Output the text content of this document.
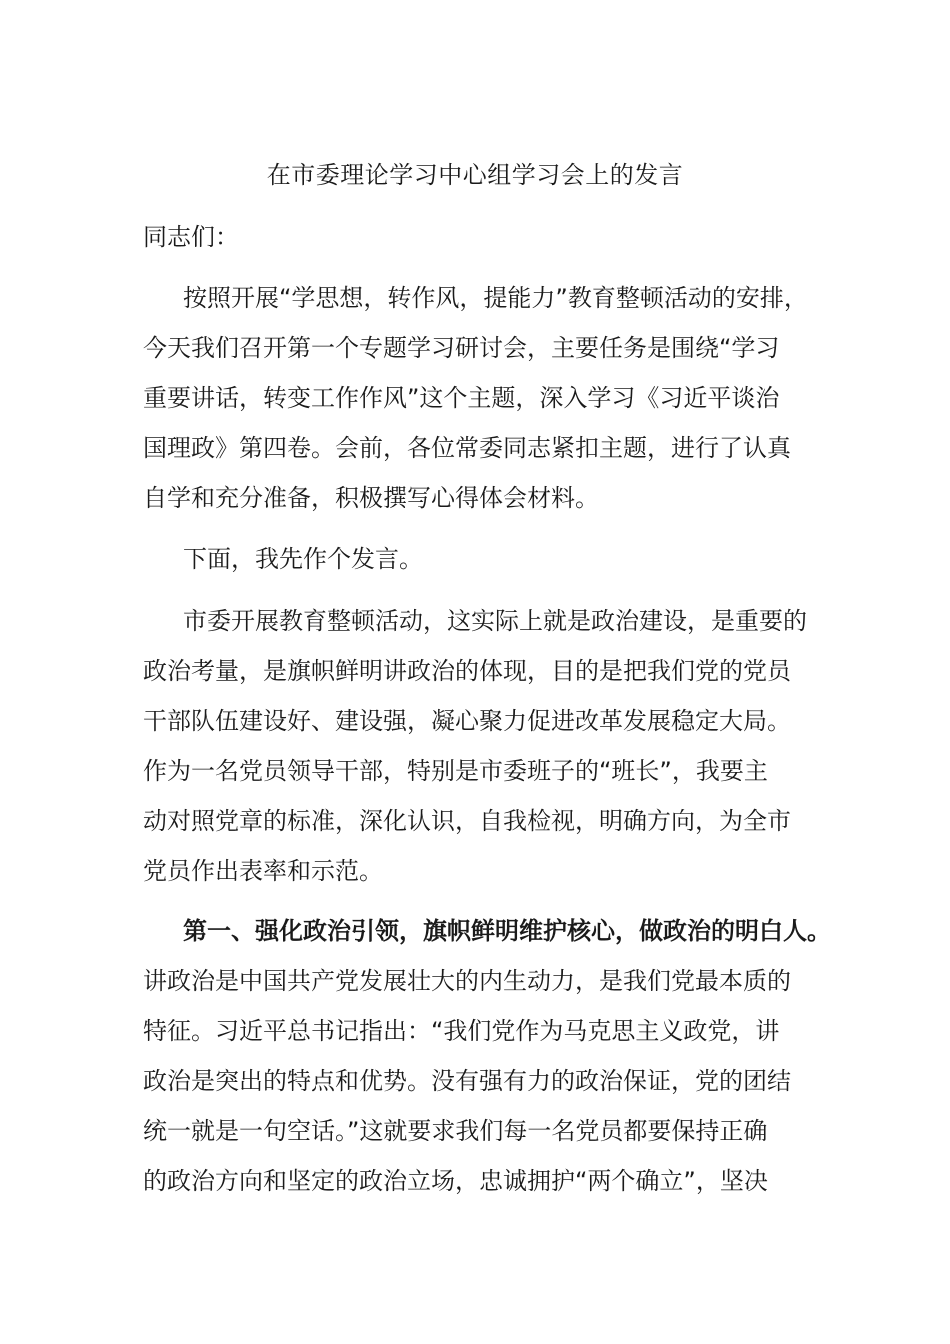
在市委理论学习中心组学习会上的发言
同志们：
按照开展“学思想，转作风，提能力”教育整顿活动的安排，
今天我们召开第一个专题学习研讨会，主要任务是围绕“学习
重要讲话，转变工作作风”这个主题，深入学习《习近平谈治
国理政》第四卷。会前，各位常委同志紧扣主题，进行了认真
自学和充分准备，积极撰写心得体会材料。
下面，我先作个发言。
市委开展教育整顿活动，这实际上就是政治建设，是重要的
政治考量，是旗帜鲜明讲政治的体现，目的是把我们党的党员
干部队伍建设好、建设强，凝心聚力促进改革发展稳定大局。
作为一名党员领导干部，特别是市委班子的“班长”，我要主
动对照党章的标准，深化认识，自我检视，明确方向，为全市
党员作出表率和示范。
第一、强化政治引领，旗帜鲜明维护核心，做政治的明白人。
讲政治是中国共产党发展壮大的内生动力，是我们党最本质的
特征。习近平总书记指出：“我们党作为马克思主义政党，讲
政治是突出的特点和优势。没有强有力的政治保证，党的团结
统一就是一句空话。”这就要求我们每一名党员都要保持正确
的政治方向和坚定的政治立场，忠诚拥护“两个确立”，坚决
